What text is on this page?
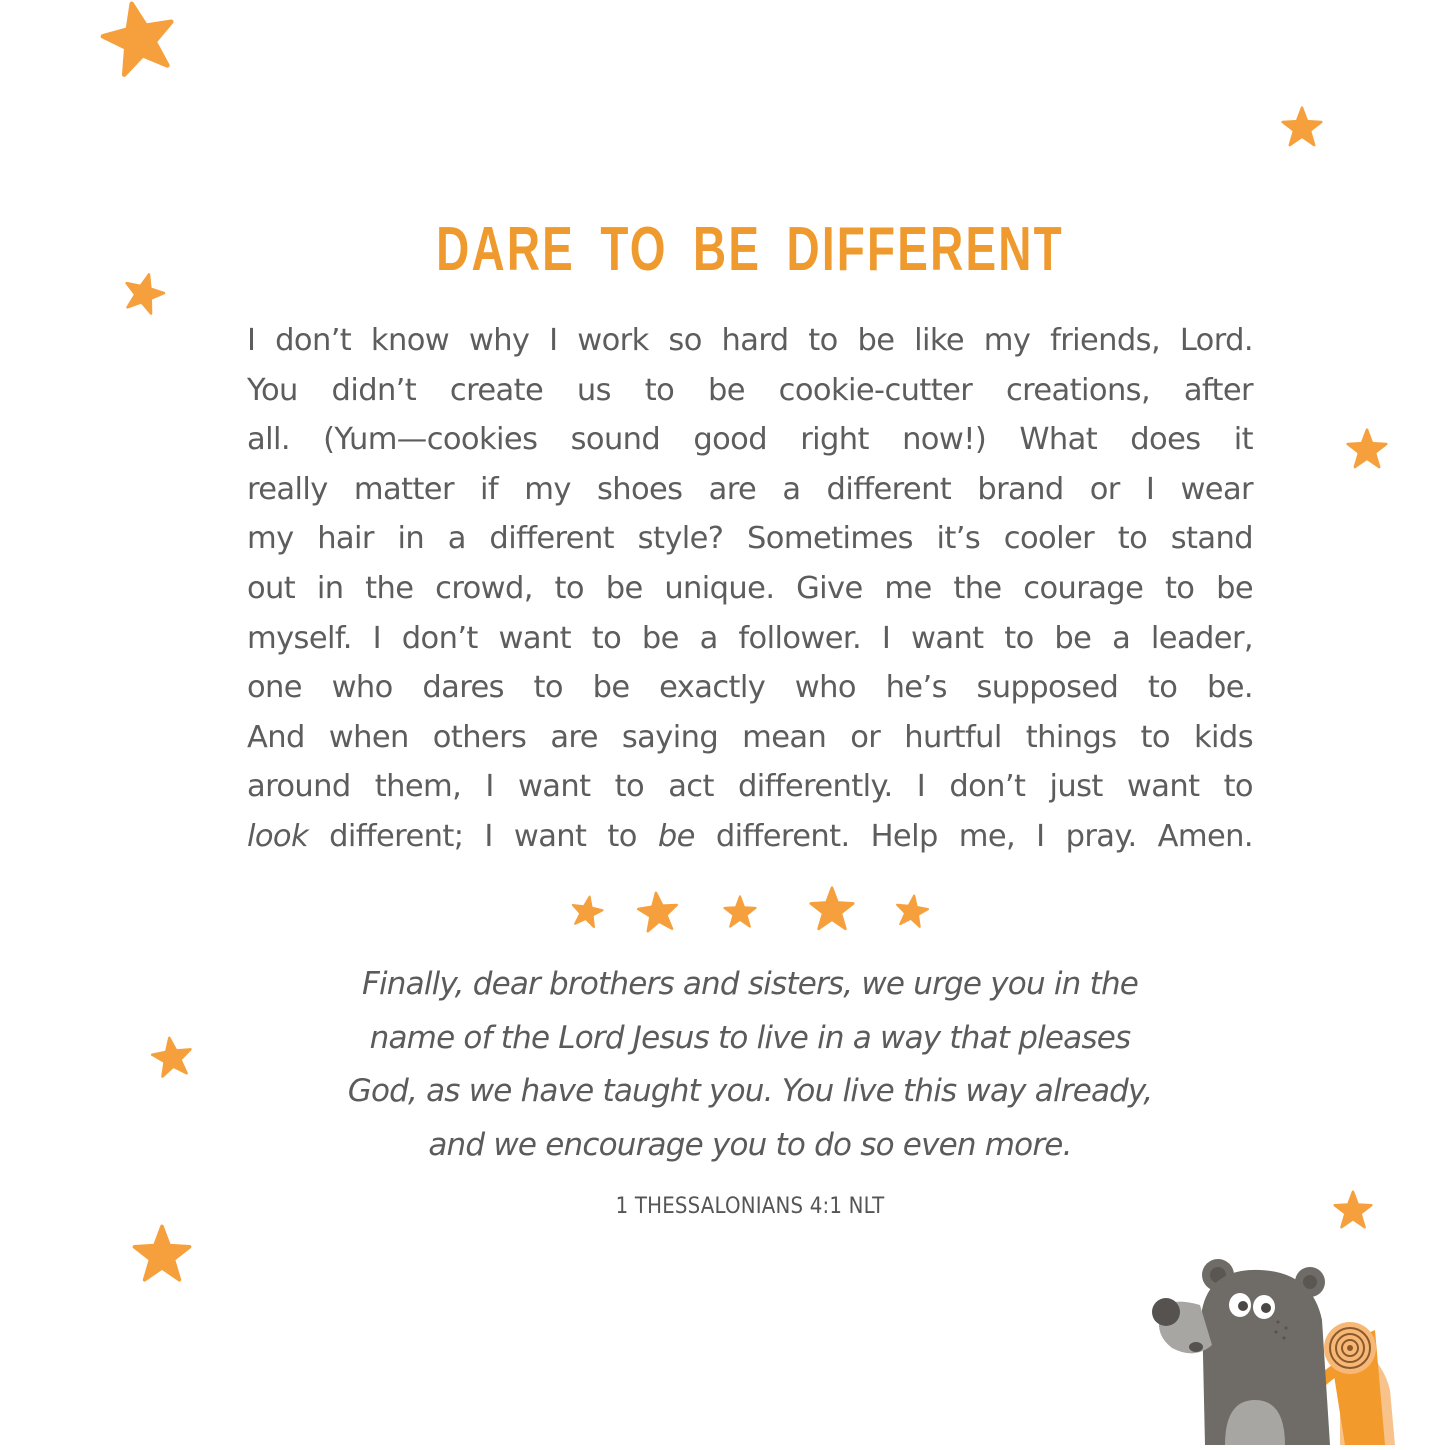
DARE TO BE DIFFERENT
I don’t know why I work so hard to be like my friends, Lord.
You didn’t create us to be cookie-cutter creations, after
all. (Yum—cookies sound good right now!) What does it
really matter if my shoes are a different brand or I wear
my hair in a different style? Sometimes it’s cooler to stand
out in the crowd, to be unique. Give me the courage to be
myself. I don’t want to be a follower. I want to be a leader,
one who dares to be exactly who he’s supposed to be.
And when others are saying mean or hurtful things to kids
around them, I want to act differently. I don’t just want to
look different; I want to be different. Help me, I pray. Amen.
Finally, dear brothers and sisters, we urge you in the
name of the Lord Jesus to live in a way that pleases
God, as we have taught you. You live this way already,
and we encourage you to do so even more.
1 THESSALONIANS 4:1 NLT
